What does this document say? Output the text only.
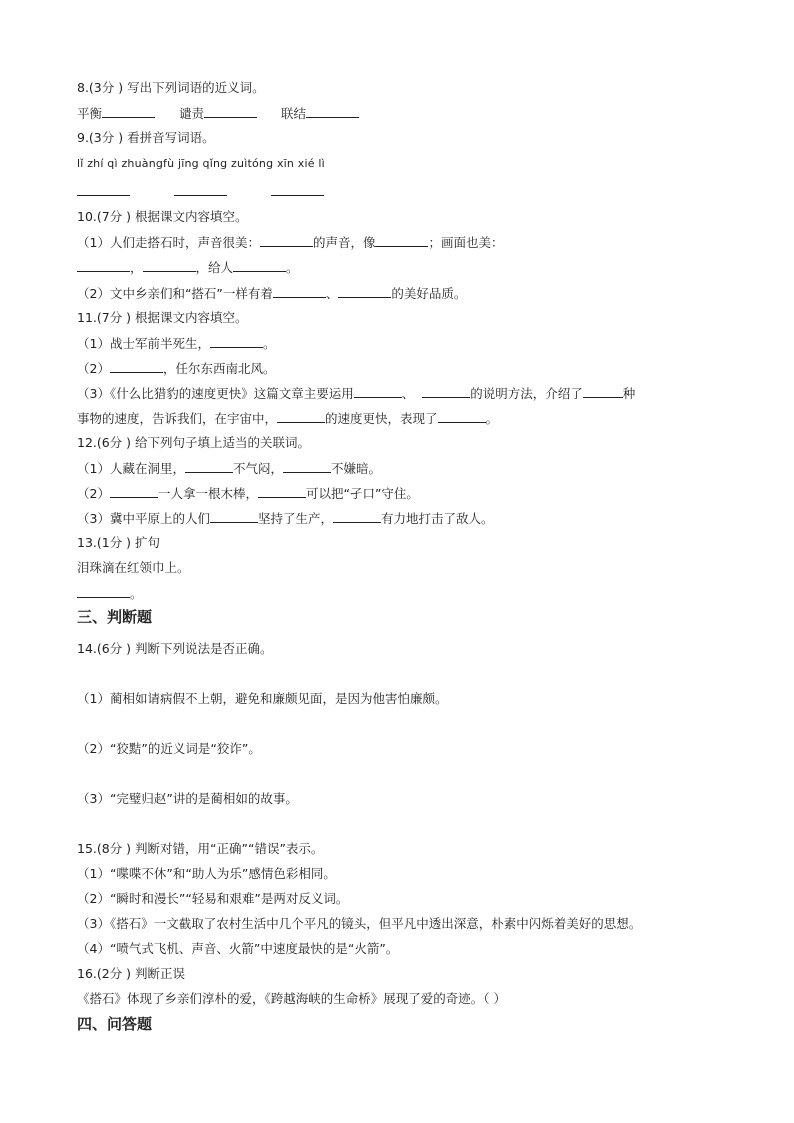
8.(3分 ) 写出下列词语的近义词。
平衡	谴责	联结
9.(3分 ) 看拼音写词语。
lǐ zhí qì zhuàngfù jīng qǐng zuìtóng xīn xié lì

10.(7分 ) 根据课文内容填空。
（1）人们走搭石时，声音很美：	的声音，像	；画面也美：
，	，给人	。
（2）文中乡亲们和“搭石”一样有着	、	的美好品质。
11.(7分 ) 根据课文内容填空。
（1）战士军前半死生，	。
（2）	，任尔东西南北风。
（3）《什么比猎豹的速度更快》这篇文章主要运用	、	的说明方法，介绍了	种
事物的速度，告诉我们，在宇宙中，	的速度更快，表现了	。
12.(6分 ) 给下列句子填上适当的关联词。
（1）人藏在洞里，	不气闷，	不嫌暗。
（2）	一人拿一根木棒，	可以把“孑口”守住。
（3）冀中平原上的人们	坚持了生产，	有力地打击了敌人。
13.(1分 ) 扩句
泪珠滴在红领巾上。
。
三、判断题
14.(6分 ) 判断下列说法是否正确。
（1）蔺相如请病假不上朝，避免和廉颇见面，是因为他害怕廉颇。
（2）“狡黠”的近义词是“狡诈”。
（3）“完璧归赵”讲的是蔺相如的故事。
15.(8分 ) 判断对错，用“正确”“错误”表示。
（1）“喋喋不休”和“助人为乐”感情色彩相同。
（2）“瞬时和漫长”“轻易和艰难”是两对反义词。
（3）《搭石》一文截取了农村生活中几个平凡的镜头，但平凡中透出深意，朴素中闪烁着美好的思想。
（4）“喷气式飞机、声音、火箭”中速度最快的是“火箭”。
16.(2分 ) 判断正误
《搭石》体现了乡亲们淳朴的爱，《跨越海峡的生命桥》展现了爱的奇迹。（ ）
四、问答题
